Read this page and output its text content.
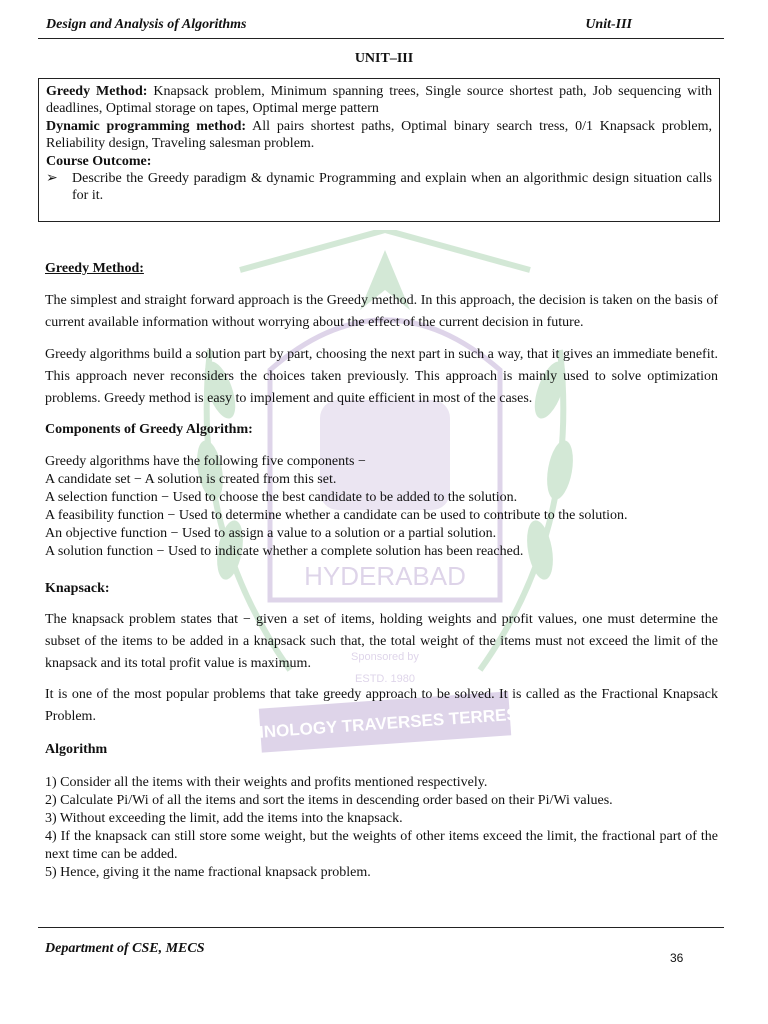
Design and Analysis of Algorithms	Unit-III
UNIT–III

Greedy Method: Knapsack problem, Minimum spanning trees, Single source shortest path, Job sequencing with deadlines, Optimal storage on tapes, Optimal merge pattern

Dynamic programming method: All pairs shortest paths, Optimal binary search tress, 0/1 Knapsack problem, Reliability design, Traveling salesman problem.

Course Outcome:

➢ Describe the Greedy paradigm & dynamic Programming and explain when an algorithmic design situation calls for it.

HYDERABAD
Sponsored by
ESTD. 1980
TECHNOLOGY TRAVERSES TERRESTRA

Greedy Method:

The simplest and straight forward approach is the Greedy method. In this approach, the decision is taken on the basis of current available information without worrying about the effect of the current decision in future.

Greedy algorithms build a solution part by part, choosing the next part in such a way, that it gives an immediate benefit. This approach never reconsiders the choices taken previously. This approach is mainly used to solve optimization problems. Greedy method is easy to implement and quite efficient in most of the cases.

Components of Greedy Algorithm:

Greedy algorithms have the following five components −

A candidate set − A solution is created from this set.

A selection function − Used to choose the best candidate to be added to the solution.

A feasibility function − Used to determine whether a candidate can be used to contribute to the solution.

An objective function − Used to assign a value to a solution or a partial solution.

A solution function − Used to indicate whether a complete solution has been reached.

Knapsack:

The knapsack problem states that − given a set of items, holding weights and profit values, one must determine the subset of the items to be added in a knapsack such that, the total weight of the items must not exceed the limit of the knapsack and its total profit value is maximum.

It is one of the most popular problems that take greedy approach to be solved. It is called as the Fractional Knapsack Problem.

Algorithm

1) Consider all the items with their weights and profits mentioned respectively.

2) Calculate Pi/Wi of all the items and sort the items in descending order based on their Pi/Wi values.

3) Without exceeding the limit, add the items into the knapsack.

4) If the knapsack can still store some weight, but the weights of other items exceed the limit, the fractional part of the next time can be added.

5) Hence, giving it the name fractional knapsack problem.

Department of CSE, MECS
36
